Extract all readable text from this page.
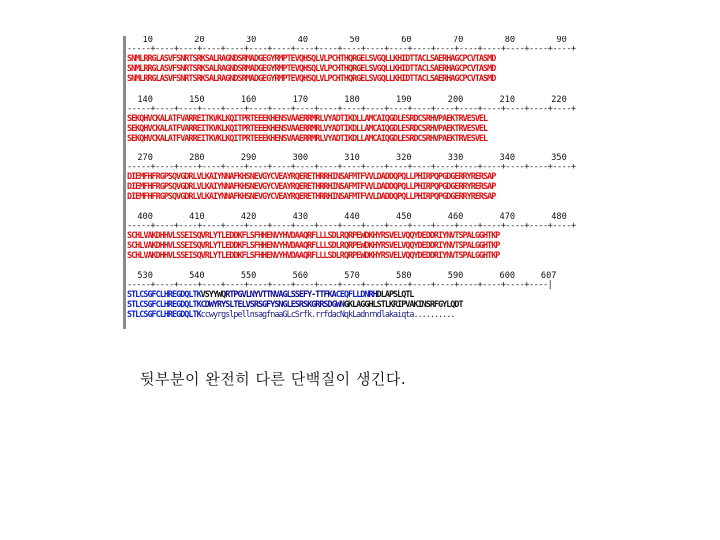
10        20        30        40        50        60        70        80        90
-----+----+----+----+----+----+----+----+----+----+----+----+----+----+----+----+----+----+----+
SNMLRRGLASVFSNRTSRKSALRAGNDSRMADGEGYRMPTEVQHSQLVLPCHTHQRGELSVGQLLKHIDTTACLSAERHAGCPCVTASMD
SNMLRRGLASVFSNRTSRKSALRAGNDSRMADGEGYRMPTEVQHSQLVLPCHTHQRGELSVGQLLKHIDTTACLSAERHAGCPCVTASMD
SNMLRRGLASVFSNRTSRKSALRAGNDSRMADGEGYRMPTEVQHSQLVLPCHTHQRGELSVGQLLKHIDTTACLSAERHAGCPCVTASMD
140       150       160       170       180       190       200       210       220
-----+----+----+----+----+----+----+----+----+----+----+----+----+----+----+----+----+----+----+
SEKQHVCKALATFVARREITKVKLKQITPRTEEEKHENSVAAERRMRLVYADTIKDLLAMCAIQGDLESRDCSRHVPAEKTRVESVEL
SEKQHVCKALATFVARREITKVKLKQITPRTEEEKHENSVAAERRMRLVYADTIKDLLAMCAIQGDLESRDCSRHVPAEKTRVESVEL
SEKQHVCKALATFVARREITKVKLKQITPRTEEEKHENSVAAERRMRLVYADTIKDLLAMCAIQGDLESRDCSRHVPAEKTRVESVEL
270       280       290       300       310       320       330       340       350
-----+----+----+----+----+----+----+----+----+----+----+----+----+----+----+----+----+----+----+
DIEMFHFRGPSQVGDRLVLKAIYNNAFKHSNEVGYCVEAYRQERETHRRHINSAFMTFVVLDADDQPQLLPHIRPQPGDGERRYRERSAP
DIEMFHFRGPSQVGDRLVLKAIYNNAFKHSNEVGYCVEAYRQERETHRRHINSAFMTFVVLDADDQPQLLPHIRPQPGDGERRYRERSAP
DIEMFHFRGPSQVGDRLVLKAIYNNAFKHSNEVGYCVEAYRQERETHRRHINSAFMTFVVLDADDQPQLLPHIRPQPGDGERRYRERSAP
400       410       420       430       440       450       460       470       480
-----+----+----+----+----+----+----+----+----+----+----+----+----+----+----+----+----+----+----+
SCHLVAKDHHVLSSEISQVRLYTLEDDKFLSFHHENVYHVDAAQRFLLLSDLRQRPEWDKHYRSVELVQQYDEDDRIYNVTSPALGGHTKP
SCHLVAKDHHVLSSEISQVRLYTLEDDKFLSFHHENVYHVDAAQRFLLLSDLRQRPEWDKHYRSVELVQQYDEDDRIYNVTSPALGGHTKP
SCHLVAKDHHVLSSEISQVRLYTLEDDKFLSFHHENVYHVDAAQRFLLLSDLRQRPEWDKHYRSVELVQQYDEDDRIYNVTSPALGGHTKP
530       540       550       560       570       580       590       600     607
-----+----+----+----+----+----+----+----+----+----+----+----+----+----+----+----+----+----|
STLCSGFCLHREGDQLTKVSYYWQRTPGVLNYVTTNVAGLSSEFY-TTFKACEQFLLDNRHDLAPSLQTL
STLCSGFCLHREGDQLTKCDWYRYSLTELVSRSGFYSNGLESRSKGRRSDGWNGKLAGGHLSTLKRIPVAKINSRFGYLQDT
STLCSGFCLHREGDQLTKccwyrgslpellnsagfnaaGLcSrfk.rrfdacNqkLadnrndlakaiqta..........
뒷부분이 완전히 다른 단백질이 생긴다.
